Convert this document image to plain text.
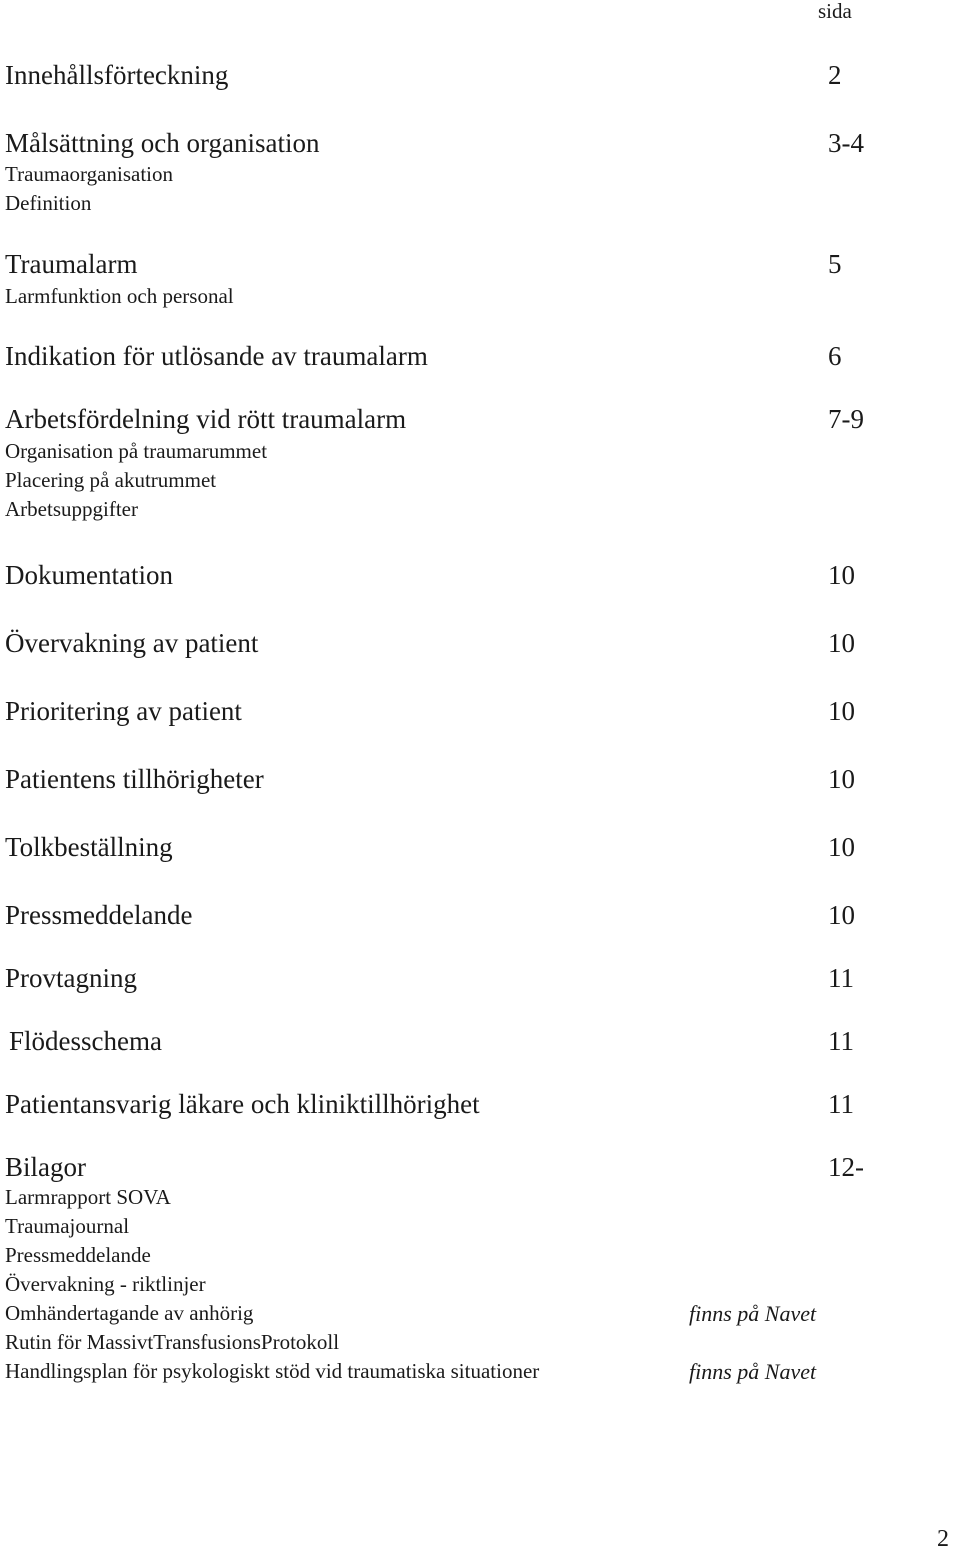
sida
Innehållsförteckning	2
Målsättning och organisation	3-4
Traumaorganisation
Definition
Traumalarm	5
Larmfunktion och personal
Indikation för utlösande av traumalarm	6
Arbetsfördelning vid rött traumalarm	7-9
Organisation på traumarummet
Placering på akutrummet
Arbetsuppgifter
Dokumentation	10
Övervakning av patient	10
Prioritering av patient	10
Patientens tillhörigheter	10
Tolkbeställning	10
Pressmeddelande	10
Provtagning	11
Flödesschema	11
Patientansvarig läkare och kliniktillhörighet	11
Bilagor	12-
Larmrapport SOVA
Traumajournal
Pressmeddelande
Övervakning - riktlinjer
Omhändertagande av anhörig	finns på Navet
Rutin för MassivtTransfusionsProtokoll
Handlingsplan för psykologiskt stöd vid traumatiska situationer	finns på Navet
2
